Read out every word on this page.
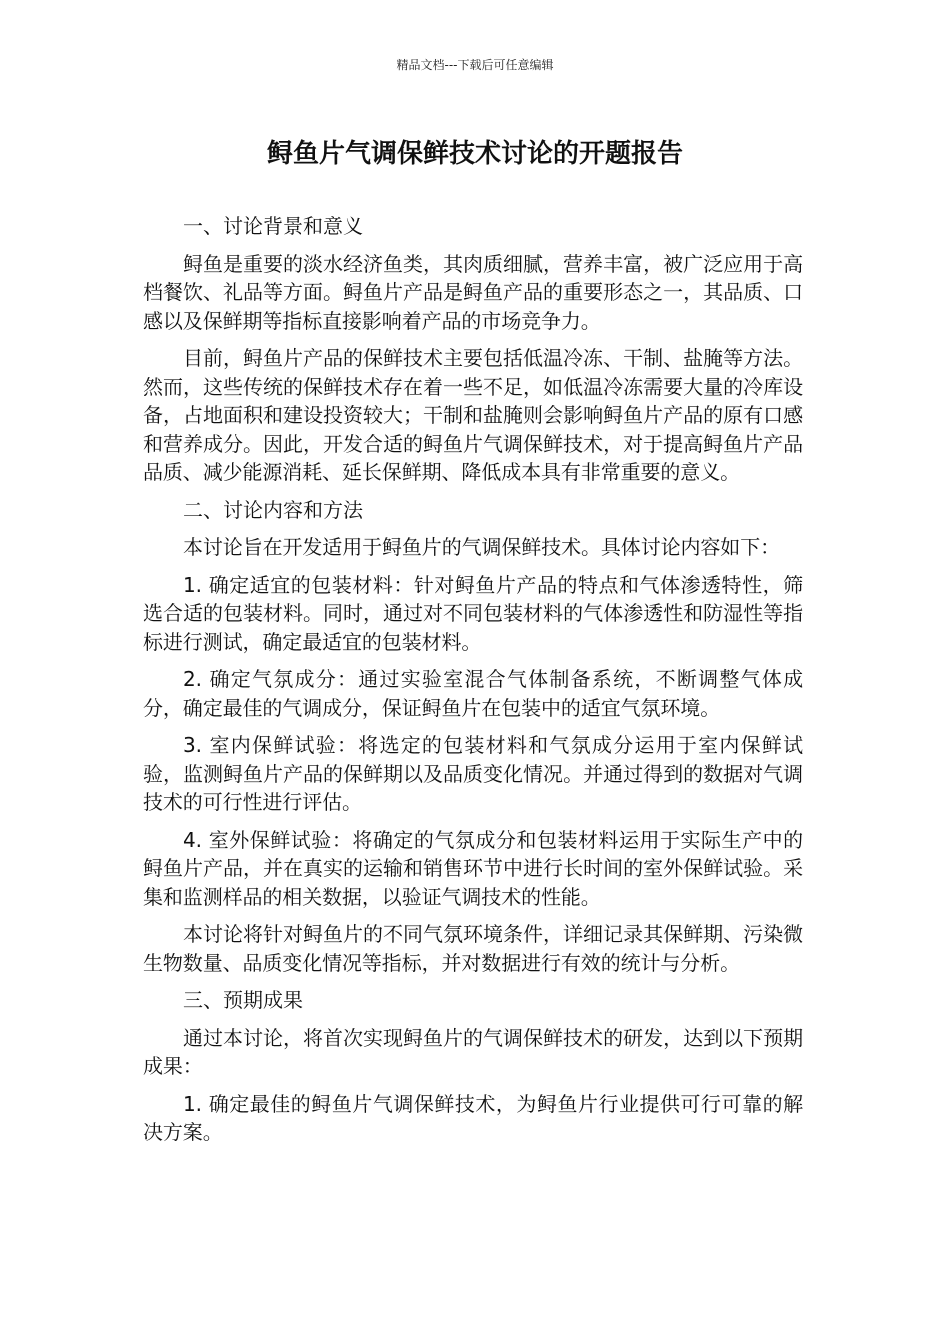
精品文档---下载后可任意编辑
鲟鱼片气调保鲜技术讨论的开题报告

一、讨论背景和意义

鲟鱼是重要的淡水经济鱼类，其肉质细腻，营养丰富，被广泛应用于高档餐饮、礼品等方面。鲟鱼片产品是鲟鱼产品的重要形态之一，其品质、口感以及保鲜期等指标直接影响着产品的市场竞争力。

目前，鲟鱼片产品的保鲜技术主要包括低温冷冻、干制、盐腌等方法。然而，这些传统的保鲜技术存在着一些不足，如低温冷冻需要大量的冷库设备，占地面积和建设投资较大；干制和盐腌则会影响鲟鱼片产品的原有口感和营养成分。因此，开发合适的鲟鱼片气调保鲜技术，对于提高鲟鱼片产品品质、减少能源消耗、延长保鲜期、降低成本具有非常重要的意义。

二、讨论内容和方法

本讨论旨在开发适用于鲟鱼片的气调保鲜技术。具体讨论内容如下：

1. 确定适宜的包装材料：针对鲟鱼片产品的特点和气体渗透特性，筛选合适的包装材料。同时，通过对不同包装材料的气体渗透性和防湿性等指标进行测试，确定最适宜的包装材料。

2. 确定气氛成分：通过实验室混合气体制备系统，不断调整气体成分，确定最佳的气调成分，保证鲟鱼片在包装中的适宜气氛环境。

3. 室内保鲜试验：将选定的包装材料和气氛成分运用于室内保鲜试验，监测鲟鱼片产品的保鲜期以及品质变化情况。并通过得到的数据对气调技术的可行性进行评估。

4. 室外保鲜试验：将确定的气氛成分和包装材料运用于实际生产中的鲟鱼片产品，并在真实的运输和销售环节中进行长时间的室外保鲜试验。采集和监测样品的相关数据，以验证气调技术的性能。

本讨论将针对鲟鱼片的不同气氛环境条件，详细记录其保鲜期、污染微生物数量、品质变化情况等指标，并对数据进行有效的统计与分析。

三、预期成果

通过本讨论，将首次实现鲟鱼片的气调保鲜技术的研发，达到以下预期成果：

1. 确定最佳的鲟鱼片气调保鲜技术，为鲟鱼片行业提供可行可靠的解决方案。
